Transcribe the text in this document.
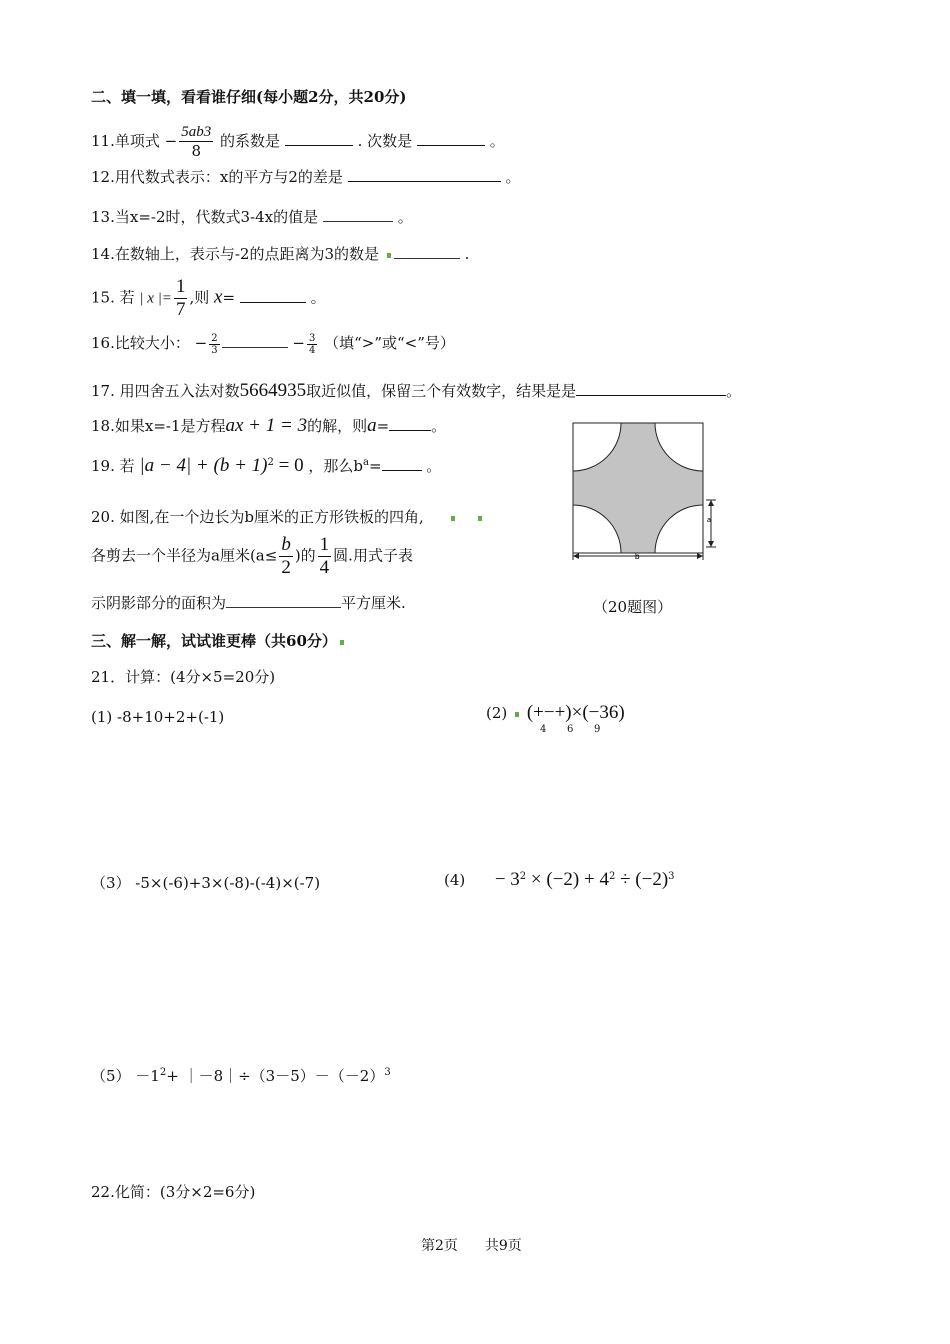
二、填一填，看看谁仔细(每小题2分，共20分)
11.单项式 − $\frac{5ab3}{8}$ 的系数是	. 次数是	。
12.用代数式表示：x的平方与2的差是	。
13.当x=-2时，代数式3-4x的值是	。
14.在数轴上，表示与-2的点距离为3的数是	.
15. 若 | x |= $\frac{1}{7}$ ,则 x=	。
16.比较大小： − $\frac{2}{3}$	− $\frac{3}{4}$ （填“>”或“<”号）
17. 用四舍五入法对数5664935取近似值，保留三个有效数字，结果是是	。
18.如果x=-1是方程ax + 1 = 3的解，则a=	。
19. 若 $|a - 4| + (b + 1)^2 = 0$ ，那么$b^a=$	。
20. 如图,在一个边长为b厘米的正方形铁板的四角,
各剪去一个半径为a厘米($a\le \frac{b}{2}$ )的 $\frac{1}{4}$ 圆.用式子表
示阴影部分的面积为	平方厘米.
a
b
（20题图）
三、解一解，试试谁更棒（共60分）
21．计算：(4分×5=20分)
(1) -8+10+2+(-1)	(2) (+−+)×(−36)
4 6 9
（3） -5×(-6)+3×(-8)-(-4)×(-7)	$(4) - 3^2 \times (-2) + 4^2 \div (-2)^3$
$(5) -1^2+$ $|-8|\div(3-5)-(-2)^3$
22.化简：(3分×2=6分)
第2页 共9页
